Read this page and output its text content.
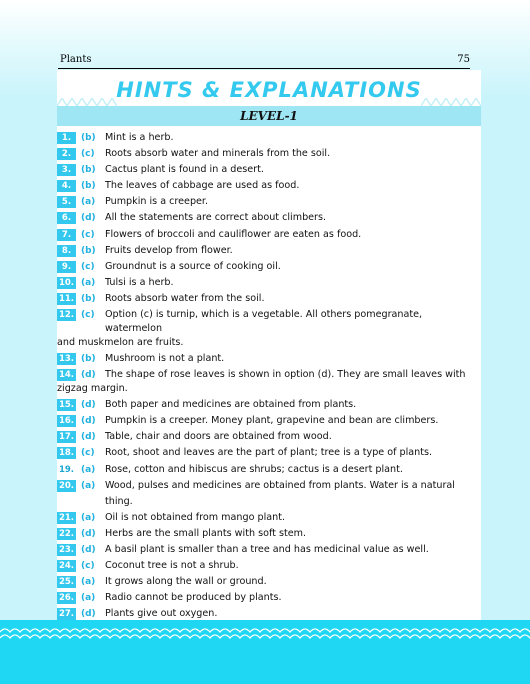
Plants	75
HINTS & EXPLANATIONS
LEVEL-1
1.	(b) Mint is a herb.
2.	(c)	Roots absorb water and minerals from the soil.
3.	(b) Cactus plant is found in a desert.
4.	(b) The leaves of cabbage are used as food.
5.	(a)	Pumpkin is a creeper.
6.	(d) All the statements are correct about climbers.
7.	(c)	Flowers of broccoli and cauliflower are eaten as food.
8.	(b) Fruits develop from flower.
9.	(c)	Groundnut is a source of cooking oil.
10. (a)	Tulsi is a herb.
11. (b) Roots absorb water from the soil.
12. (c)	Option (c) is turnip, which is a vegetable. All others pomegranate, watermelon
and muskmelon are fruits.
13. (b) Mushroom is not a plant.
14. (d) The shape of rose leaves is shown in option (d). They are small leaves with
zigzag margin.
15. (d) Both paper and medicines are obtained from plants.
16. (d) Pumpkin is a creeper. Money plant, grapevine and bean are climbers.
17. (d) Table, chair and doors are obtained from wood.
18. (c)	Root, shoot and leaves are the part of plant; tree is a type of plants.
19. (a)	Rose, cotton and hibiscus are shrubs; cactus is a desert plant.
20. (a)	Wood, pulses and medicines are obtained from plants. Water is a natural thing.
21. (a)	Oil is not obtained from mango plant.
22. (d) Herbs are the small plants with soft stem.
23. (d) A basil plant is smaller than a tree and has medicinal value as well.
24. (c)	Coconut tree is not a shrub.
25. (a)	It grows along the wall or ground.
26. (a)	Radio cannot be produced by plants.
27. (d) Plants give out oxygen.
